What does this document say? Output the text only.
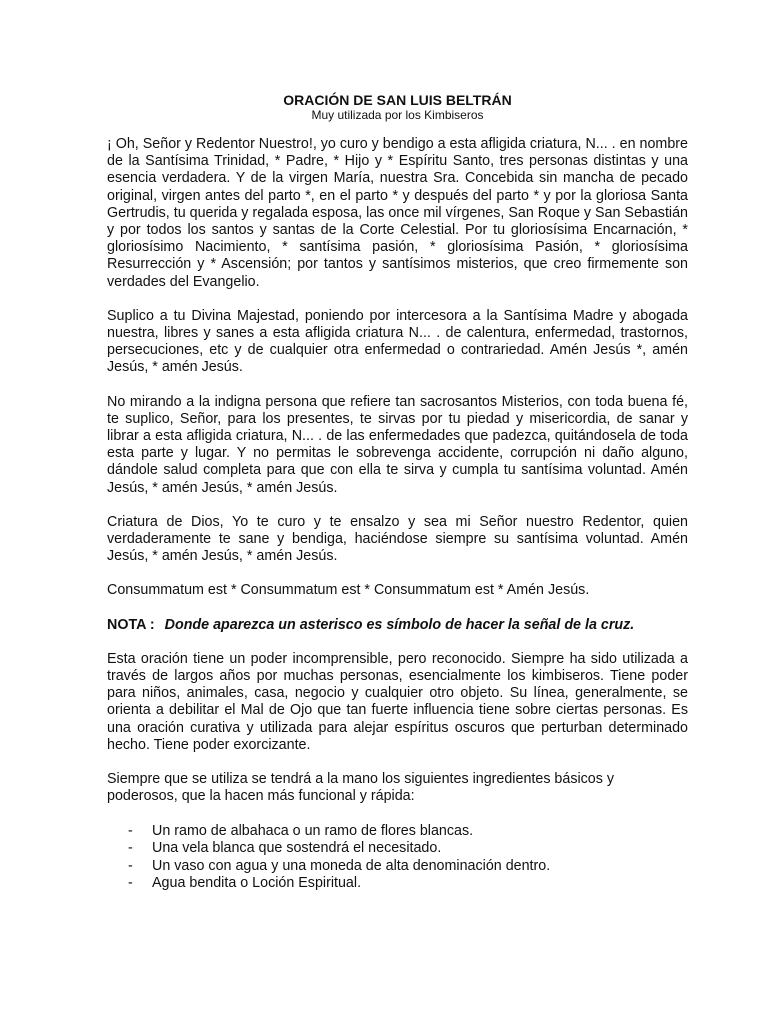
ORACIÓN DE SAN LUIS BELTRÁN
Muy utilizada por los Kimbiseros

¡ Oh, Señor y Redentor Nuestro!, yo curo y bendigo a esta afligida criatura, N... . en nombre de la Santísima Trinidad, * Padre, * Hijo y * Espíritu Santo, tres personas distintas y una esencia verdadera. Y de la virgen María, nuestra Sra. Concebida sin mancha de pecado original, virgen antes del parto *, en el parto * y después del parto * y por la gloriosa Santa Gertrudis, tu querida y regalada esposa, las once mil vírgenes, San Roque y San Sebastián y por todos los santos y santas de la Corte Celestial. Por tu gloriosísima Encarnación, * gloriosísimo Nacimiento, * santísima pasión, * gloriosísima Pasión, * gloriosísima Resurrección y * Ascensión; por tantos y santísimos misterios, que creo firmemente son verdades del Evangelio.

Suplico a tu Divina Majestad, poniendo por intercesora a la Santísima Madre y abogada nuestra, libres y sanes a esta afligida criatura N... . de calentura, enfermedad, trastornos, persecuciones, etc y de cualquier otra enfermedad o contrariedad. Amén Jesús *, amén Jesús, * amén Jesús.

No mirando a la indigna persona que refiere tan sacrosantos Misterios, con toda buena fé, te suplico, Señor, para los presentes, te sirvas por tu piedad y misericordia, de sanar y librar a esta afligida criatura, N... . de las enfermedades que padezca, quitándosela de toda esta parte y lugar. Y no permitas le sobrevenga accidente, corrupción ni daño alguno, dándole salud completa para que con ella te sirva y cumpla tu santísima voluntad. Amén Jesús, * amén Jesús, * amén Jesús.

Criatura de Dios, Yo te curo y te ensalzo y sea mi Señor nuestro Redentor, quien verdaderamente te sane y bendiga, haciéndose siempre su santísima voluntad. Amén Jesús, * amén Jesús, * amén Jesús.

Consummatum est * Consummatum est * Consummatum est * Amén Jesús.

NOTA : Donde aparezca un asterisco es símbolo de hacer la señal de la cruz.

Esta oración tiene un poder incomprensible, pero reconocido. Siempre ha sido utilizada a través de largos años por muchas personas, esencialmente los kimbiseros. Tiene poder para niños, animales, casa, negocio y cualquier otro objeto. Su línea, generalmente, se orienta a debilitar el Mal de Ojo que tan fuerte influencia tiene sobre ciertas personas. Es una oración curativa y utilizada para alejar espíritus oscuros que perturban determinado hecho. Tiene poder exorcizante.

Siempre que se utiliza se tendrá a la mano los siguientes ingredientes básicos y poderosos, que la hacen más funcional y rápida:

-	Un ramo de albahaca o un ramo de flores blancas.
-	Una vela blanca que sostendrá el necesitado.
-	Un vaso con agua y una moneda de alta denominación dentro.
-	Agua bendita o Loción Espiritual.
